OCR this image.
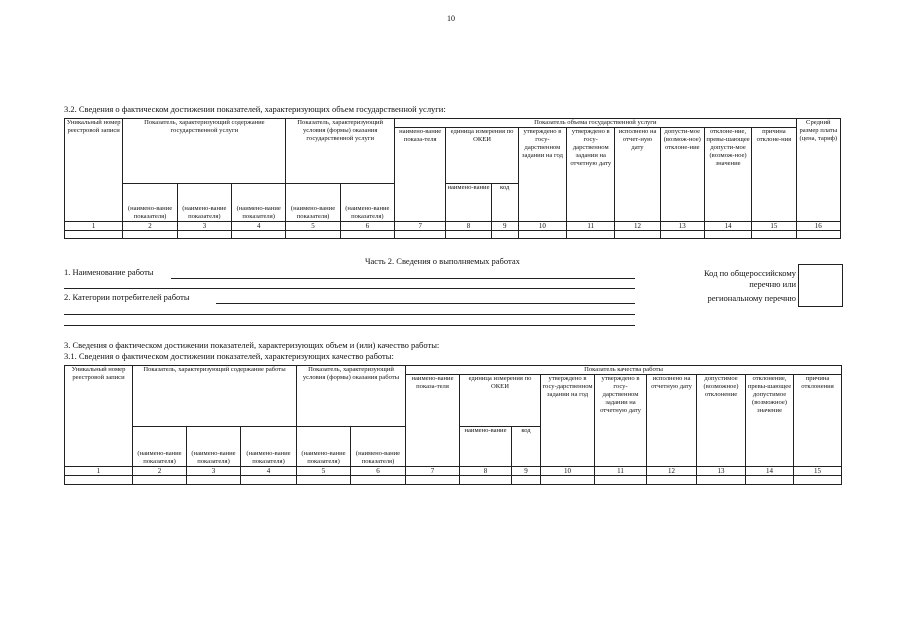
10
3.2. Сведения о фактическом достижении показателей, характеризующих объем государственной услуги:
Уникальный номер реестровой записи	Показатель, характеризующий содержание государственной услуги			Показатель, характеризующий условия (формы) оказания государственной услуги		Показатель объема государственной услуги									Средний размер платы (цена, тариф)
						наимено-вание показа-теля	единица измерения по ОКЕИ		утверждено в госу-дарственном задании на год	утверждено в госу-дарственном задании на отчетную дату	исполнено на отчет-ную дату	допусти-мое (возмож-ное) отклоне-ние	отклоне-ние, превы-шающее допусти-мое (возмож-ное) значение	причина отклоне-ния	
	(наимено-вание показателя)	(наимено-вание показателя)	(наимено-вание показателя)	(наимено-вание показателя)	(наимено-вание показателя)		наимено-вание	код							
1	2	3	4	5	6	7	8	9	10	11	12	13	14	15	16

Часть 2. Сведения о выполняемых работах
1. Наименование работы
2. Категории потребителей работы
Код по общероссийскому
перечню или
региональному перечню
3. Сведения о фактическом достижении показателей, характеризующих объем и (или) качество работы:
3.1. Сведения о фактическом достижении показателей, характеризующих качество работы:
Уникальный номер реестровой записи	Показатель, характеризующий содержание работы			Показатель, характеризующий условия (формы) оказания работы		Показатель качества работы								
						наимено-вание показа-теля	единица измерения по ОКЕИ		утверждено в госу-дарственном задании на год	утверждено в госу-дарственном задании на отчетную дату	исполнено на отчетную дату	допустимое (возможное) отклонение	отклонение, превы-шающее допустимое (возможное) значение	причина отклонения
	(наимено-вание показателя)	(наимено-вание показателя)	(наимено-вание показателя)	(наимено-вание показателя)	(наимено-вание показателя)		наимено-вание	код						
1	2	3	4	5	6	7	8	9	10	11	12	13	14	15
